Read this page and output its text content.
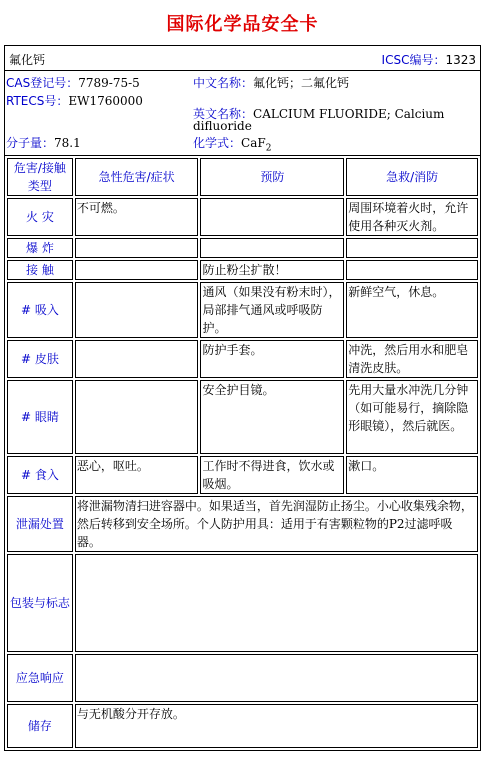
国际化学品安全卡
氟化钙	ICSC编号：1323
CAS登记号：7789-75-5
RTECS号：EW1760000
分子量：78.1
中文名称：氟化钙；二氟化钙
英文名称：CALCIUM FLUORIDE; Calcium
difluoride
化学式：CaF$_2$
危害/接触类型	急性危害/症状	预防	急救/消防
火 灾	不可燃。		周围环境着火时，允许使用各种灭火剂。
爆 炸			
接 触		防止粉尘扩散！	
# 吸入		通风（如果没有粉末时），局部排气通风或呼吸防护。	新鲜空气，休息。
# 皮肤		防护手套。	冲洗，然后用水和肥皂清洗皮肤。
# 眼睛		安全护目镜。	先用大量水冲洗几分钟（如可能易行，摘除隐形眼镜），然后就医。
# 食入	恶心，呕吐。	工作时不得进食，饮水或吸烟。	漱口。
泄漏处置	将泄漏物清扫进容器中。如果适当，首先润湿防止扬尘。小心收集残余物，然后转移到安全场所。个人防护用具：适用于有害颗粒物的P2过滤呼吸器。		
包装与标志			
应急响应			
储存	与无机酸分开存放。		
